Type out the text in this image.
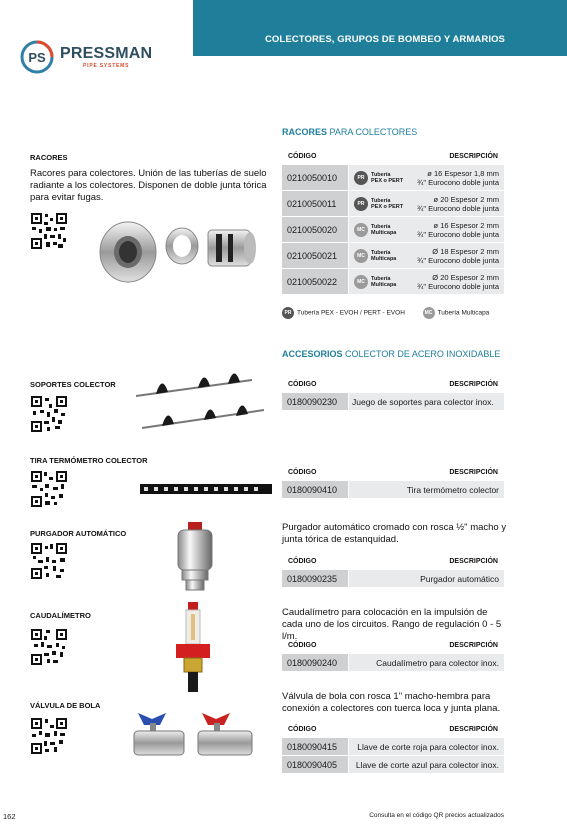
COLECTORES, GRUPOS DE BOMBEO Y ARMARIOS
PS PRESSMAN
PIPE SYSTEMS
RACORES PARA COLECTORES
RACORES
Racores para colectores. Unión de las tuberías de suelo radiante a los colectores. Disponen de doble junta tórica para evitar fugas.
CÓDIGO	DESCRIPCIÓN
0210050010	PR	Tubería
PEX o PERT
ø 16 Espesor 1,8 mm
¾" Eurocono doble junta
0210050011	PR	Tubería
PEX o PERT
ø 20 Espesor 2 mm
¾" Eurocono doble junta
0210050020	MC	Tubería
Multicapa
ø 16 Espesor 2 mm
¾" Eurocono doble junta
0210050021	MC	Tubería
Multicapa
Ø 18 Espesor 2 mm
¾" Eurocono doble junta
0210050022	MC	Tubería
Multicapa
Ø 20 Espesor 2 mm
¾" Eurocono doble junta
PR Tubería PEX - EVOH / PERT - EVOH	MC Tubería Multicapa
ACCESORIOS COLECTOR DE ACERO INOXIDABLE
SOPORTES COLECTOR	CÓDIGO	DESCRIPCIÓN
0180090230	Juego de soportes para colector inox.
TIRA TERMÓMETRO COLECTOR
CÓDIGO	DESCRIPCIÓN
0180090410	Tira termómetro colector
PURGADOR AUTOMÁTICO
Purgador automático cromado con rosca ½" macho y junta tórica de estanquidad.
CÓDIGO	DESCRIPCIÓN
0180090235	Purgador automático
CAUDALÍMETRO	Caudalímetro para colocación en la impulsión de cada uno de los circuitos. Rango de regulación 0 - 5 l/m.
CÓDIGO	DESCRIPCIÓN
0180090240	Caudalímetro para colector inox.
VÁLVULA DE BOLA
Válvula de bola con rosca 1" macho-hembra para conexión a colectores con tuerca loca y junta plana.
CÓDIGO	DESCRIPCIÓN
0180090415	Llave de corte roja para colector inox.
0180090405	Llave de corte azul para colector inox.
162	Consulta en el código QR precios actualizados
